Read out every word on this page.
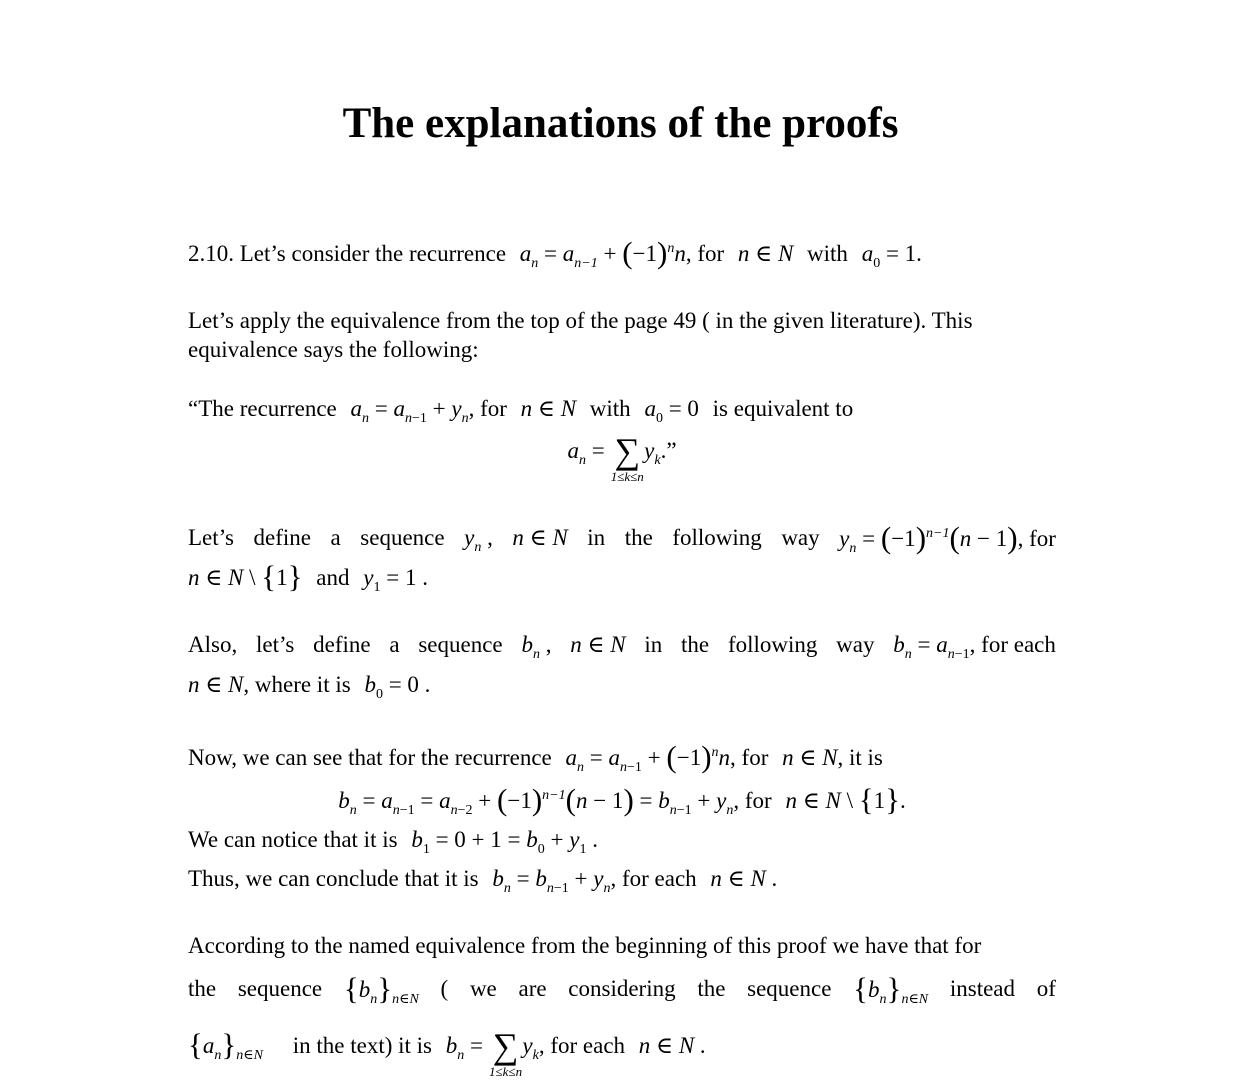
The explanations of the proofs
2.10. Let’s consider the recurrence $a_n = a_{n-1} + (-1)^nn$, for n ∈ N with $a_0 = 1$.
Let’s apply the equivalence from the top of the page 49 ( in the given literature). This
equivalence says the following:
“The recurrence $a_n = a_{n-1} + y_n$, for n ∈ N with $a_0 = 0$ is equivalent to
$a_n$ = ∑
1≤k≤n
$y_k$.”
Let’s define a sequence $y_n$ , n ∈ N in the following way $y_n = (-1)^{n-1}(n - 1)$, for
n ∈ N \ {1} and $y_1 = 1$ .
Also, let’s define a sequence $b_n$ , n ∈ N in the following way $b_n = a_{n-1}$, for each
n ∈ N, where it is $b_0 = 0$ .
Now, we can see that for the recurrence $a_n = a_{n-1} + (-1)^nn$, for n ∈ N, it is
$b_n = a_{n-1} = a_{n-2} + (-1)^{n-1}(n - 1) = b_{n-1} + y_n$, for n ∈ N \ {1}.
We can notice that it is $b_1 = 0 + 1 = b_0 + y_1$ .
Thus, we can conclude that it is $b_n = b_{n-1} + y_n$, for each n ∈ N .
According to the named equivalence from the beginning of this proof we have that for
the sequence $\{b_n\}_{n\in N}$ ( we are considering the sequence $\{b_n\}_{n\in N}$ instead of
$\{a_n\}_{n\in N}$ in the text) it is $b_n$ = ∑
1≤k≤n
$y_k$, for each n ∈ N .
